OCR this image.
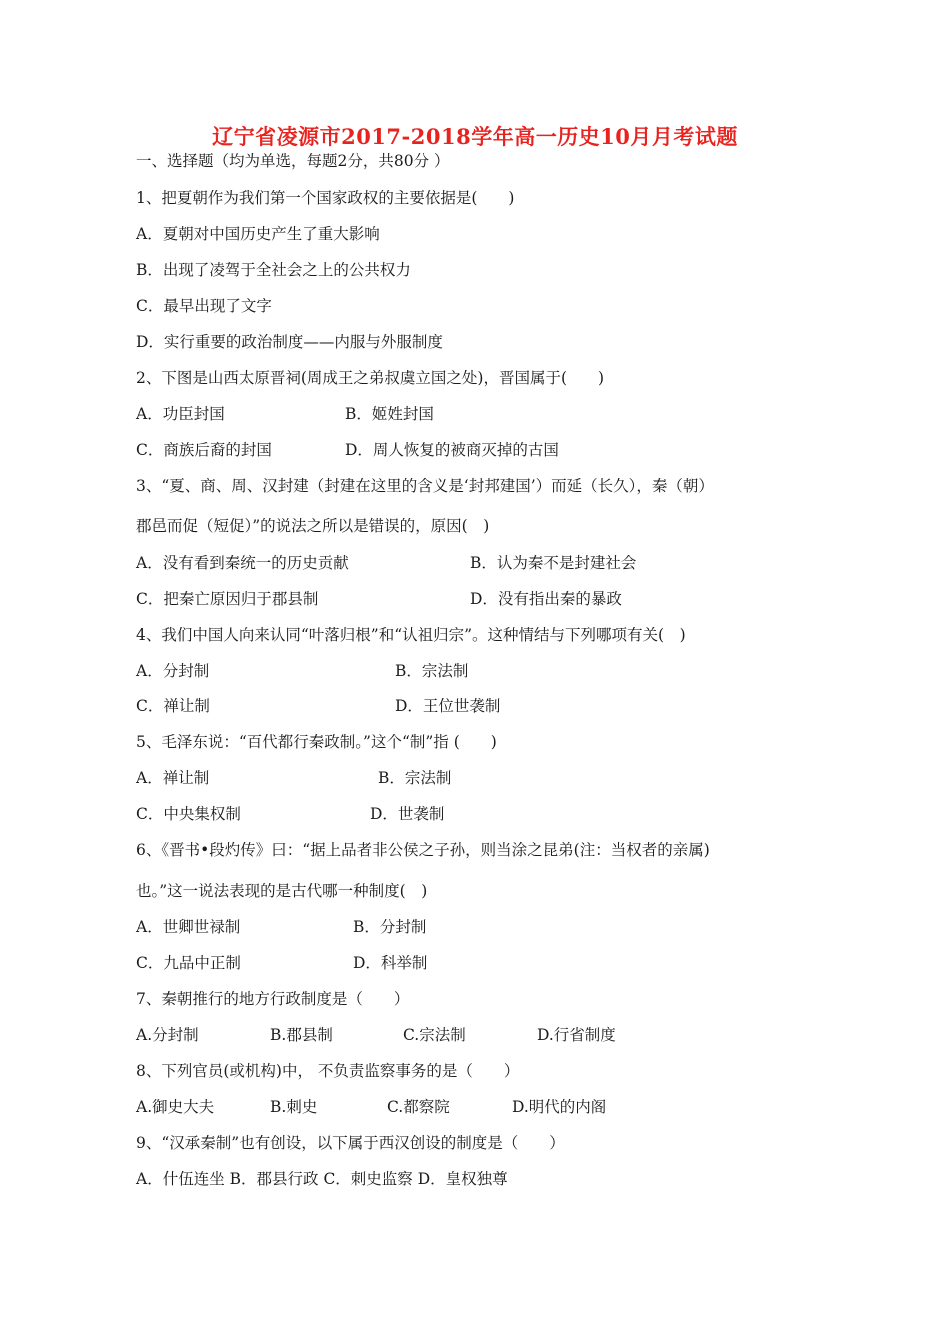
辽宁省凌源市2017-2018学年高一历史10月月考试题
一、选择题（均为单选，每题2分，共80分 ）
1、把夏朝作为我们第一个国家政权的主要依据是(　　)
A．夏朝对中国历史产生了重大影响
B．出现了凌驾于全社会之上的公共权力
C．最早出现了文字
D．实行重要的政治制度——内服与外服制度
2、下图是山西太原晋祠(周成王之弟叔虞立国之处)，晋国属于(　　)
A．功臣封国	B．姬姓封国
C．商族后裔的封国	D．周人恢复的被商灭掉的古国
3、“夏、商、周、汉封建（封建在这里的含义是‘封邦建国’）而延（长久），秦（朝）
郡邑而促（短促）”的说法之所以是错误的，原因(　)
A．没有看到秦统一的历史贡献	B．认为秦不是封建社会
C．把秦亡原因归于郡县制	D．没有指出秦的暴政
4、我们中国人向来认同“叶落归根”和“认祖归宗”。这种情结与下列哪项有关(　)
A．分封制	B．宗法制
C．禅让制	D．王位世袭制
5、毛泽东说：“百代都行秦政制。”这个“制”指 (　　)
A．禅让制	B．宗法制
C．中央集权制	D．世袭制
6、《晋书•段灼传》曰：“据上品者非公侯之子孙，则当涂之昆弟(注：当权者的亲属)
也。”这一说法表现的是古代哪一种制度(　)
A．世卿世禄制	B．分封制
C．九品中正制	D．科举制
7、秦朝推行的地方行政制度是（　　）
A.分封制	B.郡县制	C.宗法制	D.行省制度
8、下列官员(或机构)中， 不负责监察事务的是（　　）
A.御史大夫	B.刺史	C.都察院	D.明代的内阁
9、“汉承秦制”也有创设，以下属于西汉创设的制度是（　　）
A．什伍连坐 B．郡县行政 C．刺史监察 D．皇权独尊
